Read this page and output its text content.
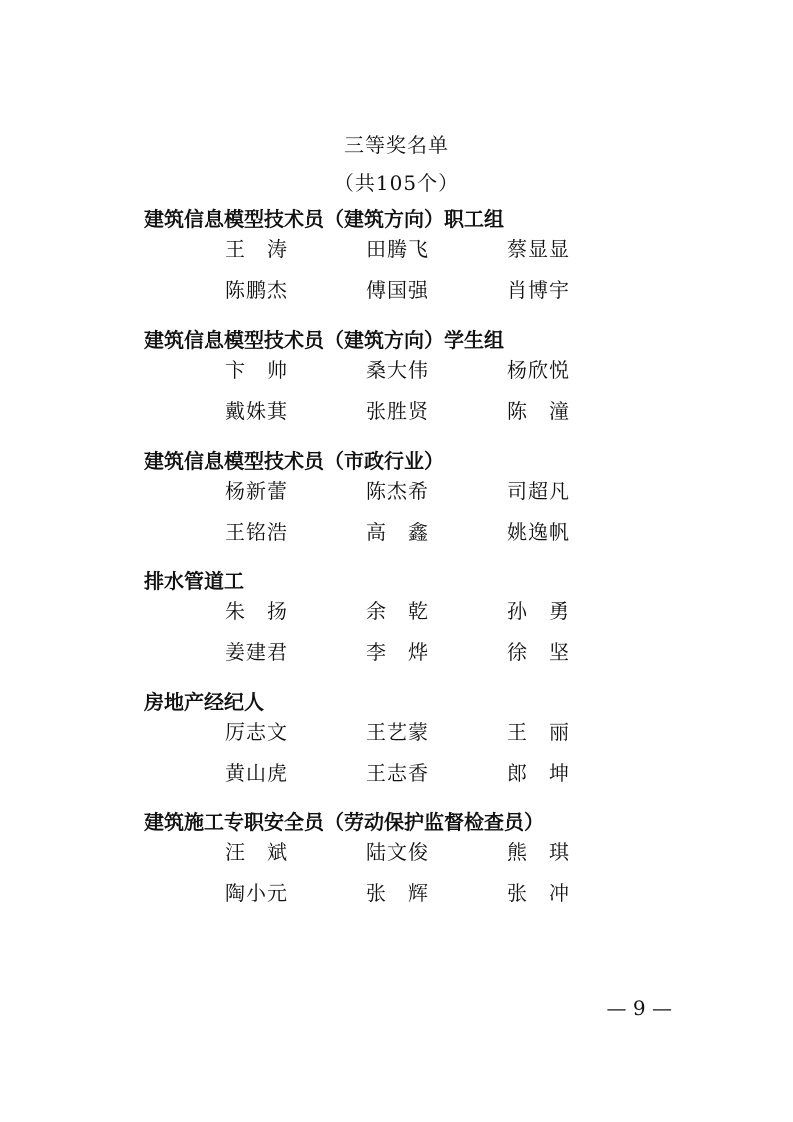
三等奖名单
（共105个）
建筑信息模型技术员（建筑方向）职工组
王　涛	田腾飞	蔡显显
陈鹏杰	傅国强	肖博宇
建筑信息模型技术员（建筑方向）学生组
卞　帅	桑大伟	杨欣悦
戴姝萁	张胜贤	陈　潼
建筑信息模型技术员（市政行业）
杨新蕾	陈杰希	司超凡
王铭浩	高　鑫	姚逸帆
排水管道工
朱　扬	余　乾	孙　勇
姜建君	李　烨	徐　坚
房地产经纪人
厉志文	王艺蒙	王　丽
黄山虎	王志香	郎　坤
建筑施工专职安全员（劳动保护监督检查员）
汪　斌	陆文俊	熊　琪
陶小元	张　辉	张　冲
— 9 —
